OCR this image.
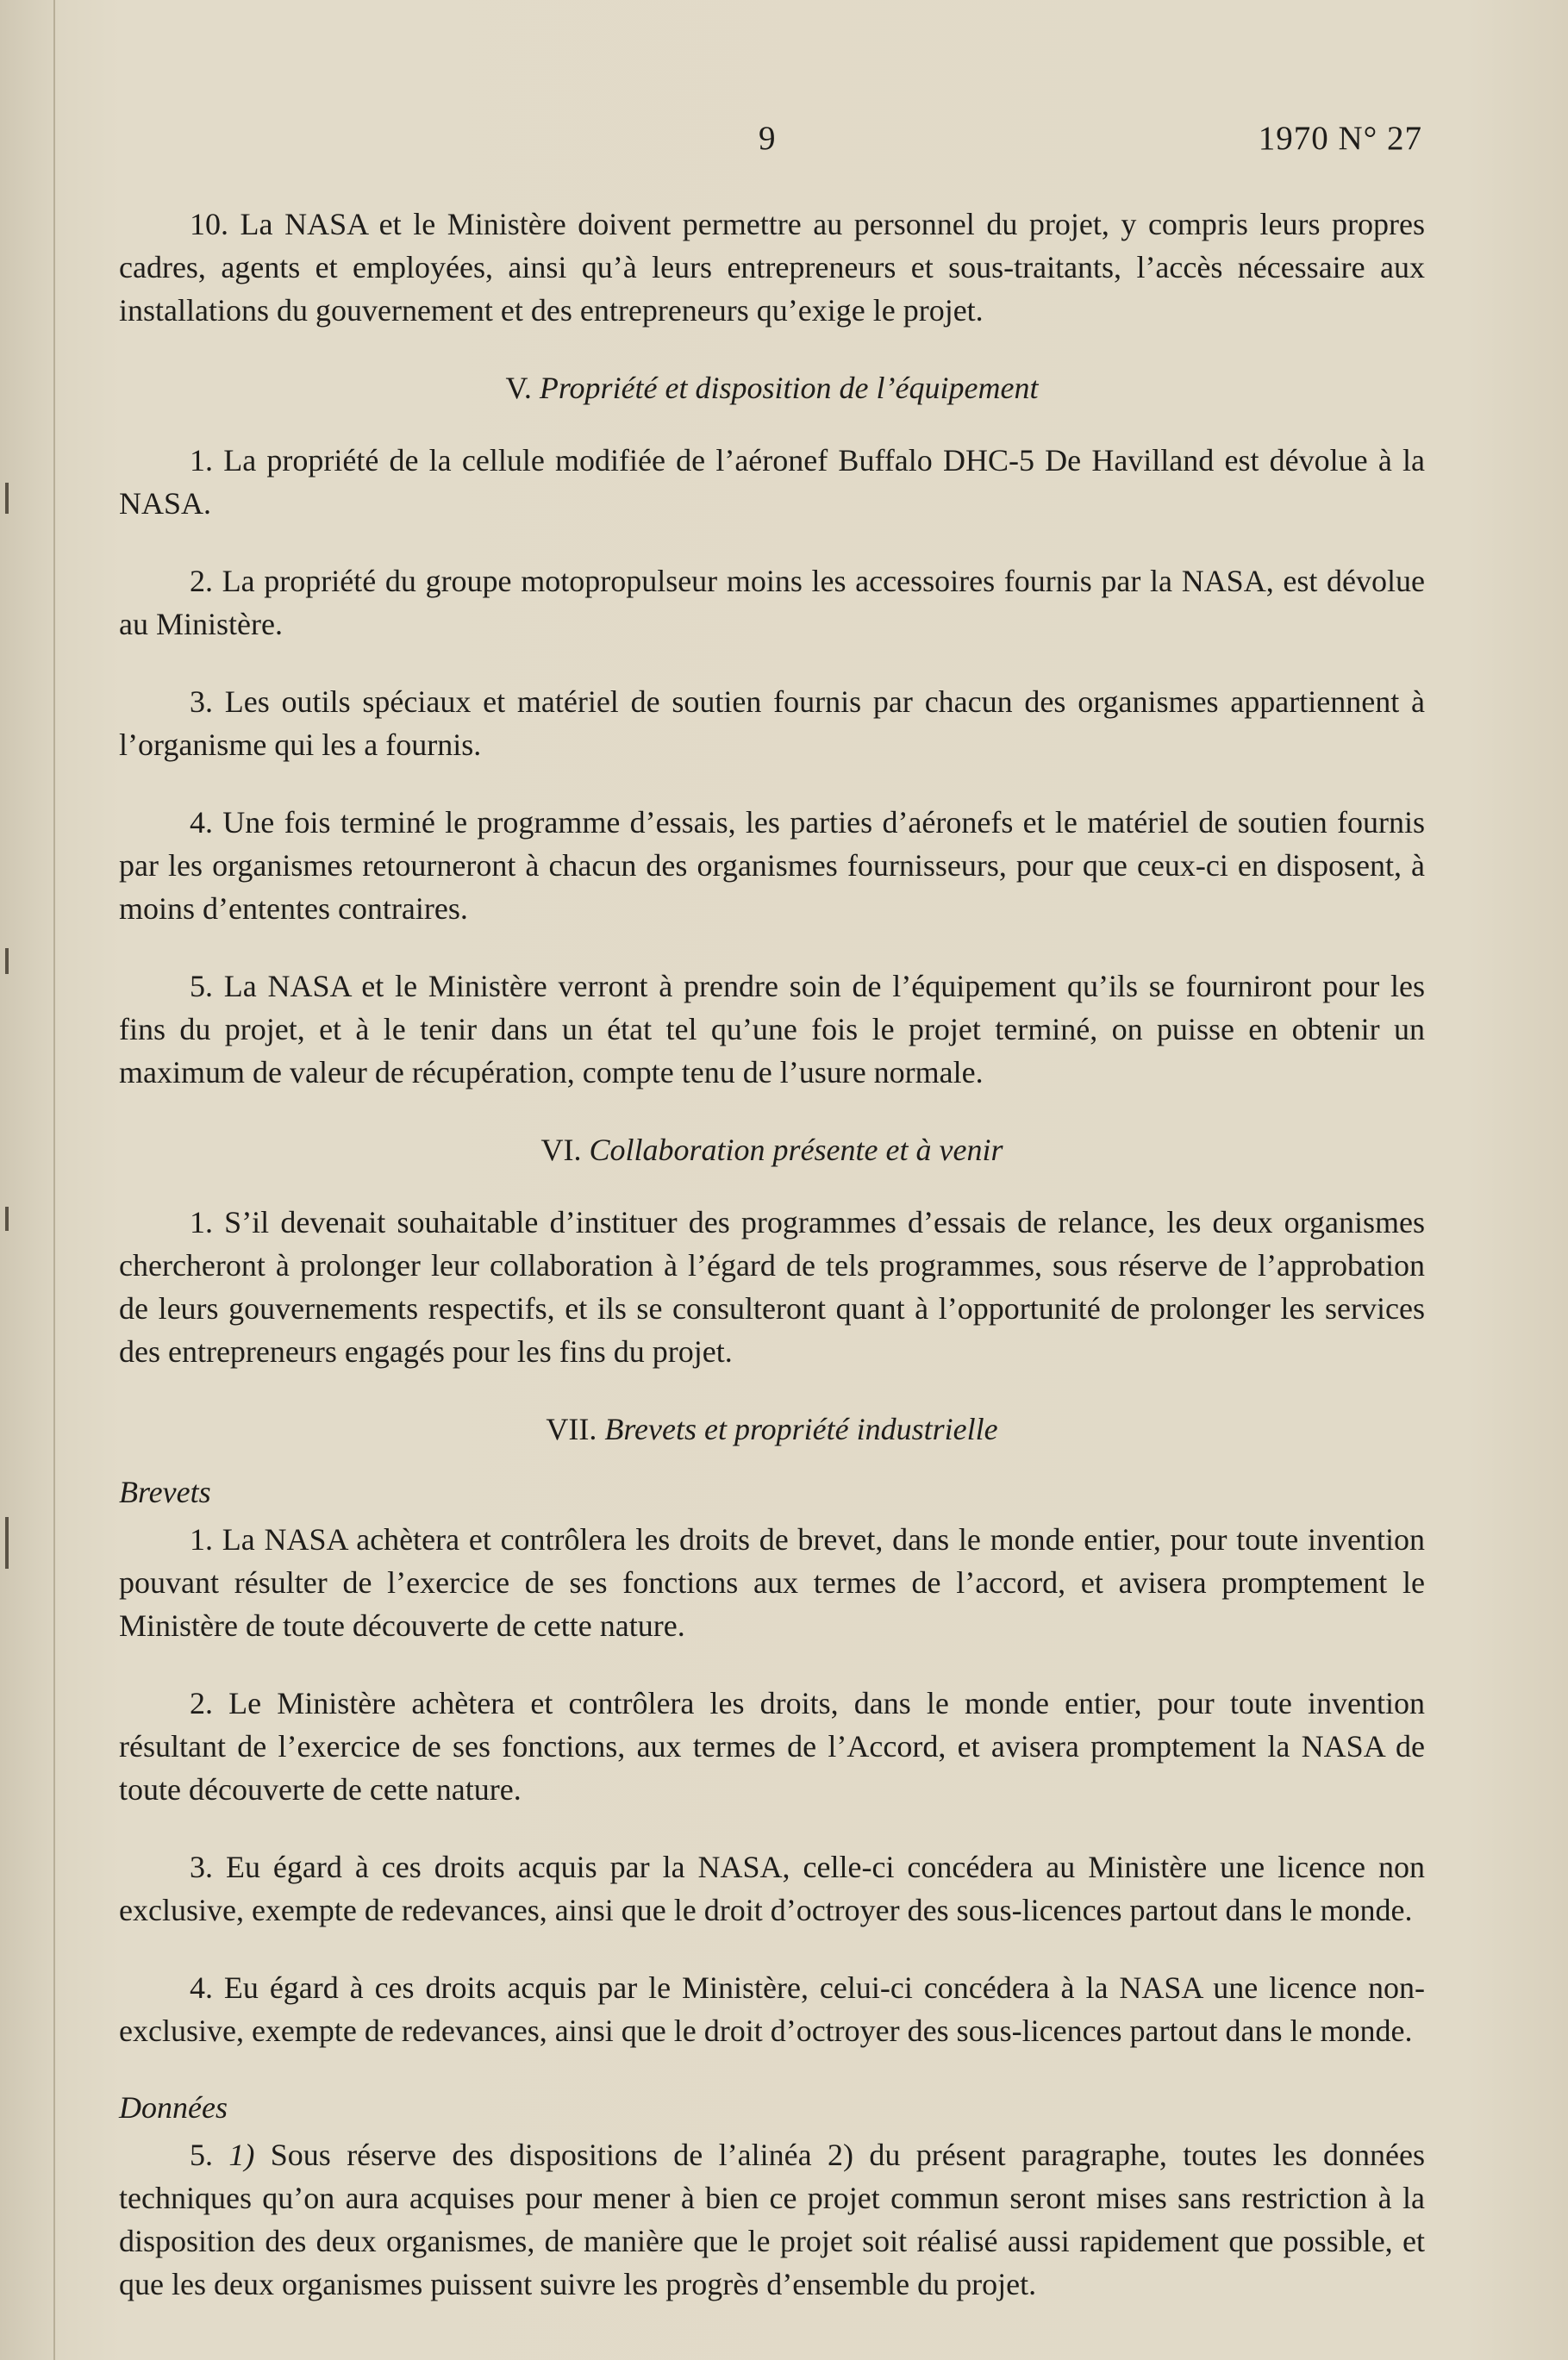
9	1970 N° 27

10. La NASA et le Ministère doivent permettre au personnel du projet, y compris leurs propres cadres, agents et employées, ainsi qu’à leurs entrepreneurs et sous-traitants, l’accès nécessaire aux installations du gouvernement et des entrepreneurs qu’exige le projet.

V. Propriété et disposition de l’équipement

1. La propriété de la cellule modifiée de l’aéronef Buffalo DHC-5 De Havilland est dévolue à la NASA.

2. La propriété du groupe motopropulseur moins les accessoires fournis par la NASA, est dévolue au Ministère.

3. Les outils spéciaux et matériel de soutien fournis par chacun des organismes appartiennent à l’organisme qui les a fournis.

4. Une fois terminé le programme d’essais, les parties d’aéronefs et le matériel de soutien fournis par les organismes retourneront à chacun des organismes fournisseurs, pour que ceux-ci en disposent, à moins d’ententes contraires.

5. La NASA et le Ministère verront à prendre soin de l’équipement qu’ils se fourniront pour les fins du projet, et à le tenir dans un état tel qu’une fois le projet terminé, on puisse en obtenir un maximum de valeur de récupération, compte tenu de l’usure normale.

VI. Collaboration présente et à venir

1. S’il devenait souhaitable d’instituer des programmes d’essais de relance, les deux organismes chercheront à prolonger leur collaboration à l’égard de tels programmes, sous réserve de l’approbation de leurs gouvernements respectifs, et ils se consulteront quant à l’opportunité de prolonger les services des entrepreneurs engagés pour les fins du projet.

VII. Brevets et propriété industrielle
Brevets

1. La NASA achètera et contrôlera les droits de brevet, dans le monde entier, pour toute invention pouvant résulter de l’exercice de ses fonctions aux termes de l’accord, et avisera promptement le Ministère de toute découverte de cette nature.

2. Le Ministère achètera et contrôlera les droits, dans le monde entier, pour toute invention résultant de l’exercice de ses fonctions, aux termes de l’Accord, et avisera promptement la NASA de toute découverte de cette nature.

3. Eu égard à ces droits acquis par la NASA, celle-ci concédera au Ministère une licence non exclusive, exempte de redevances, ainsi que le droit d’octroyer des sous-licences partout dans le monde.

4. Eu égard à ces droits acquis par le Ministère, celui-ci concédera à la NASA une licence non-exclusive, exempte de redevances, ainsi que le droit d’octroyer des sous-licences partout dans le monde.

Données

5. 1) Sous réserve des dispositions de l’alinéa 2) du présent paragraphe, toutes les données techniques qu’on aura acquises pour mener à bien ce projet commun seront mises sans restriction à la disposition des deux organismes, de manière que le projet soit réalisé aussi rapidement que possible, et que les deux organismes puissent suivre les progrès d’ensemble du projet.
